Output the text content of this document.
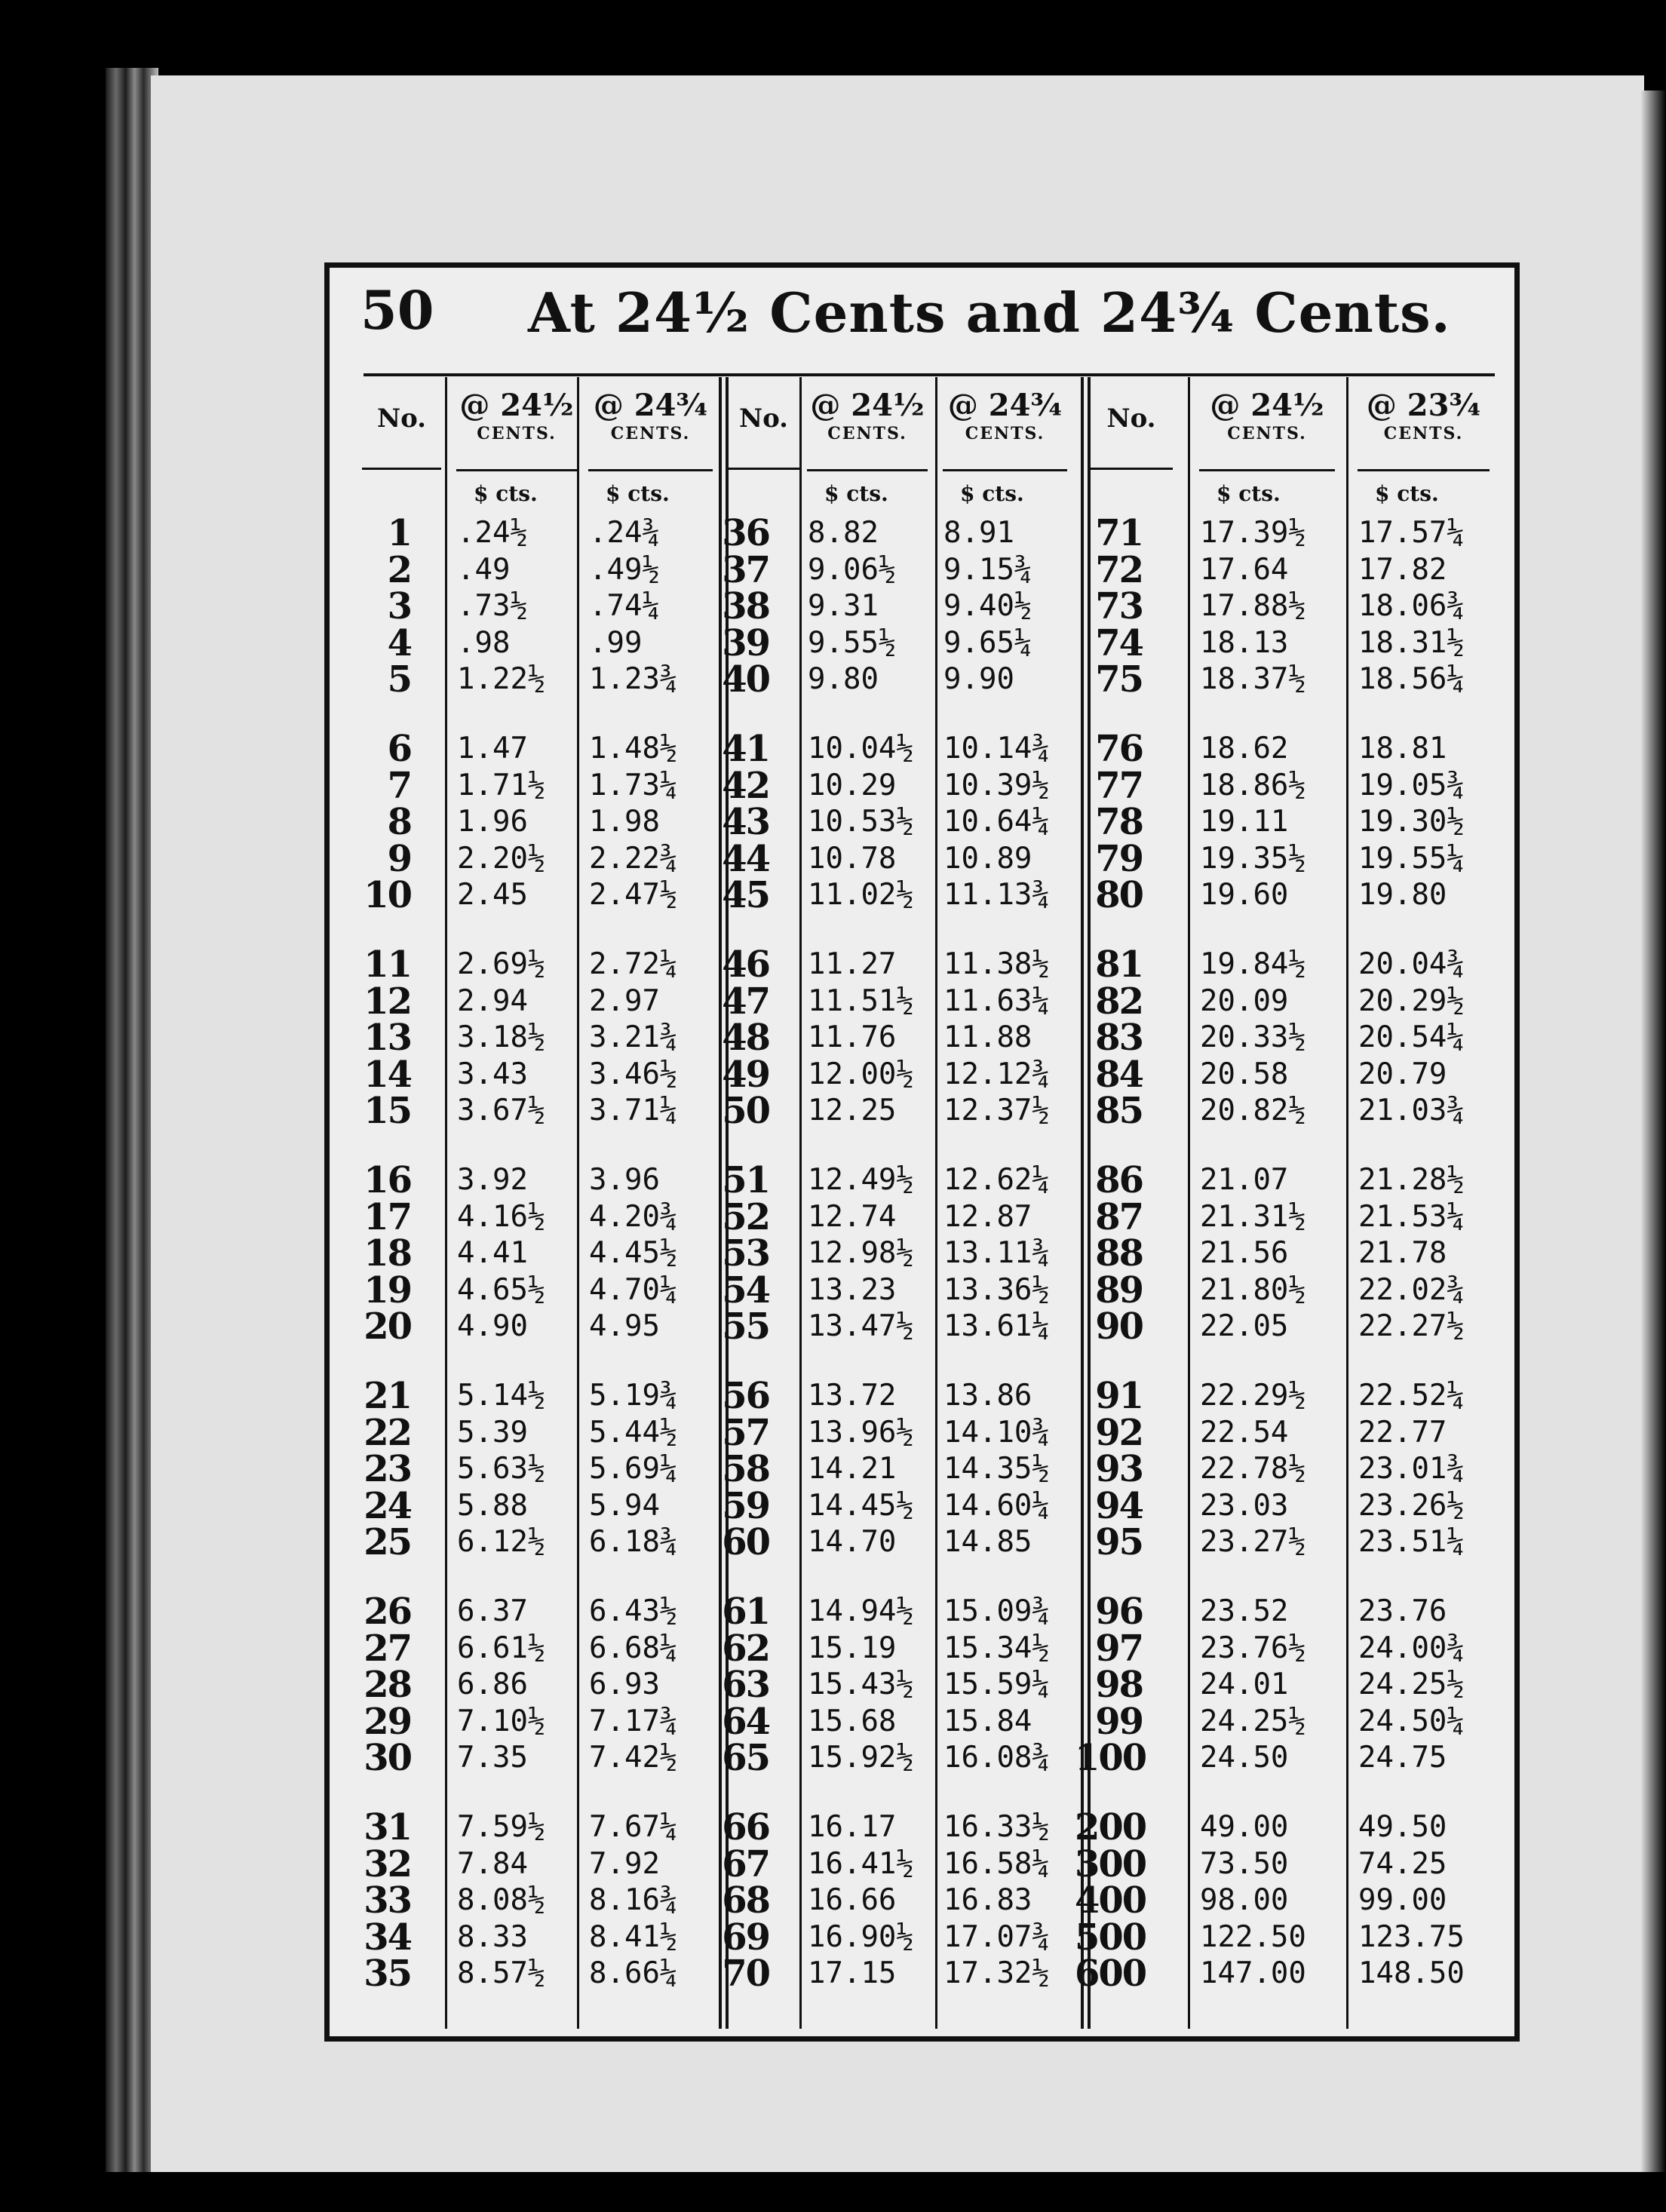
50 At 24½ Cents and 24¾ Cents.
No.	@ 24½
CENTS.
@ 24¾
CENTS.
$ cts.	$ cts.
No. @ 24½
CENTS.
@ 24¾
CENTS.
$ cts.	$ cts.
No.	@ 24½
CENTS.
@ 23¾
CENTS.
$ cts.	$ cts.
1 .24½ .24¾
2 .49	.49½
3 .73½ .74¼
4 .98	.99
5 1.22½ 1.23¾
6 1.47 1.48½
7 1.71½ 1.73¼
8 1.96 1.98
9 2.20½ 2.22¾
10 2.45 2.47½
11 2.69½ 2.72¼
12 2.94 2.97
13 3.18½ 3.21¾
14 3.43 3.46½
15 3.67½ 3.71¼
16 3.92 3.96
17 4.16½ 4.20¾
18 4.41 4.45½
19 4.65½ 4.70¼
20 4.90 4.95
21 5.14½ 5.19¾
22 5.39 5.44½
23 5.63½ 5.69¼
24 5.88 5.94
25 6.12½ 6.18¾
26 6.37 6.43½
27 6.61½ 6.68¼
28 6.86 6.93
29 7.10½ 7.17¾
30 7.35 7.42½
31 7.59½ 7.67¼
32 7.84 7.92
33 8.08½ 8.16¾
34 8.33 8.41½
35 8.57½ 8.66¼
36 8.82 8.91
37 9.06½ 9.15¾
38 9.31 9.40½
39 9.55½ 9.65¼
40 9.80 9.90
41 10.04½ 10.14¾
42 10.29 10.39½
43 10.53½ 10.64¼
44 10.78 10.89
45 11.02½ 11.13¾
46 11.27 11.38½
47 11.51½ 11.63¼
48 11.76 11.88
49 12.00½ 12.12¾
50 12.25 12.37½
51 12.49½ 12.62¼
52 12.74 12.87
53 12.98½ 13.11¾
54 13.23 13.36½
55 13.47½ 13.61¼
56 13.72 13.86
57 13.96½ 14.10¾
58 14.21 14.35½
59 14.45½ 14.60¼
60 14.70 14.85
61 14.94½ 15.09¾
62 15.19 15.34½
63 15.43½ 15.59¼
64 15.68 15.84
65 15.92½ 16.08¾
66 16.17 16.33½
67 16.41½ 16.58¼
68 16.66 16.83
69 16.90½ 17.07¾
70 17.15 17.32½
71 17.39½ 17.57¼
72 17.64 17.82
73 17.88½ 18.06¾
74 18.13 18.31½
75 18.37½ 18.56¼
76 18.62 18.81
77 18.86½ 19.05¾
78 19.11 19.30½
79 19.35½ 19.55¼
80 19.60 19.80
81 19.84½ 20.04¾
82 20.09 20.29½
83 20.33½ 20.54¼
84 20.58 20.79
85 20.82½ 21.03¾
86 21.07 21.28½
87 21.31½ 21.53¼
88 21.56 21.78
89 21.80½ 22.02¾
90 22.05 22.27½
91 22.29½ 22.52¼
92 22.54 22.77
93 22.78½ 23.01¾
94 23.03 23.26½
95 23.27½ 23.51¼
96 23.52 23.76
97 23.76½ 24.00¾
98 24.01 24.25½
99 24.25½ 24.50¼
100 24.50 24.75
200 49.00 49.50
300 73.50 74.25
400 98.00 99.00
500 122.50 123.75
600 147.00 148.50
